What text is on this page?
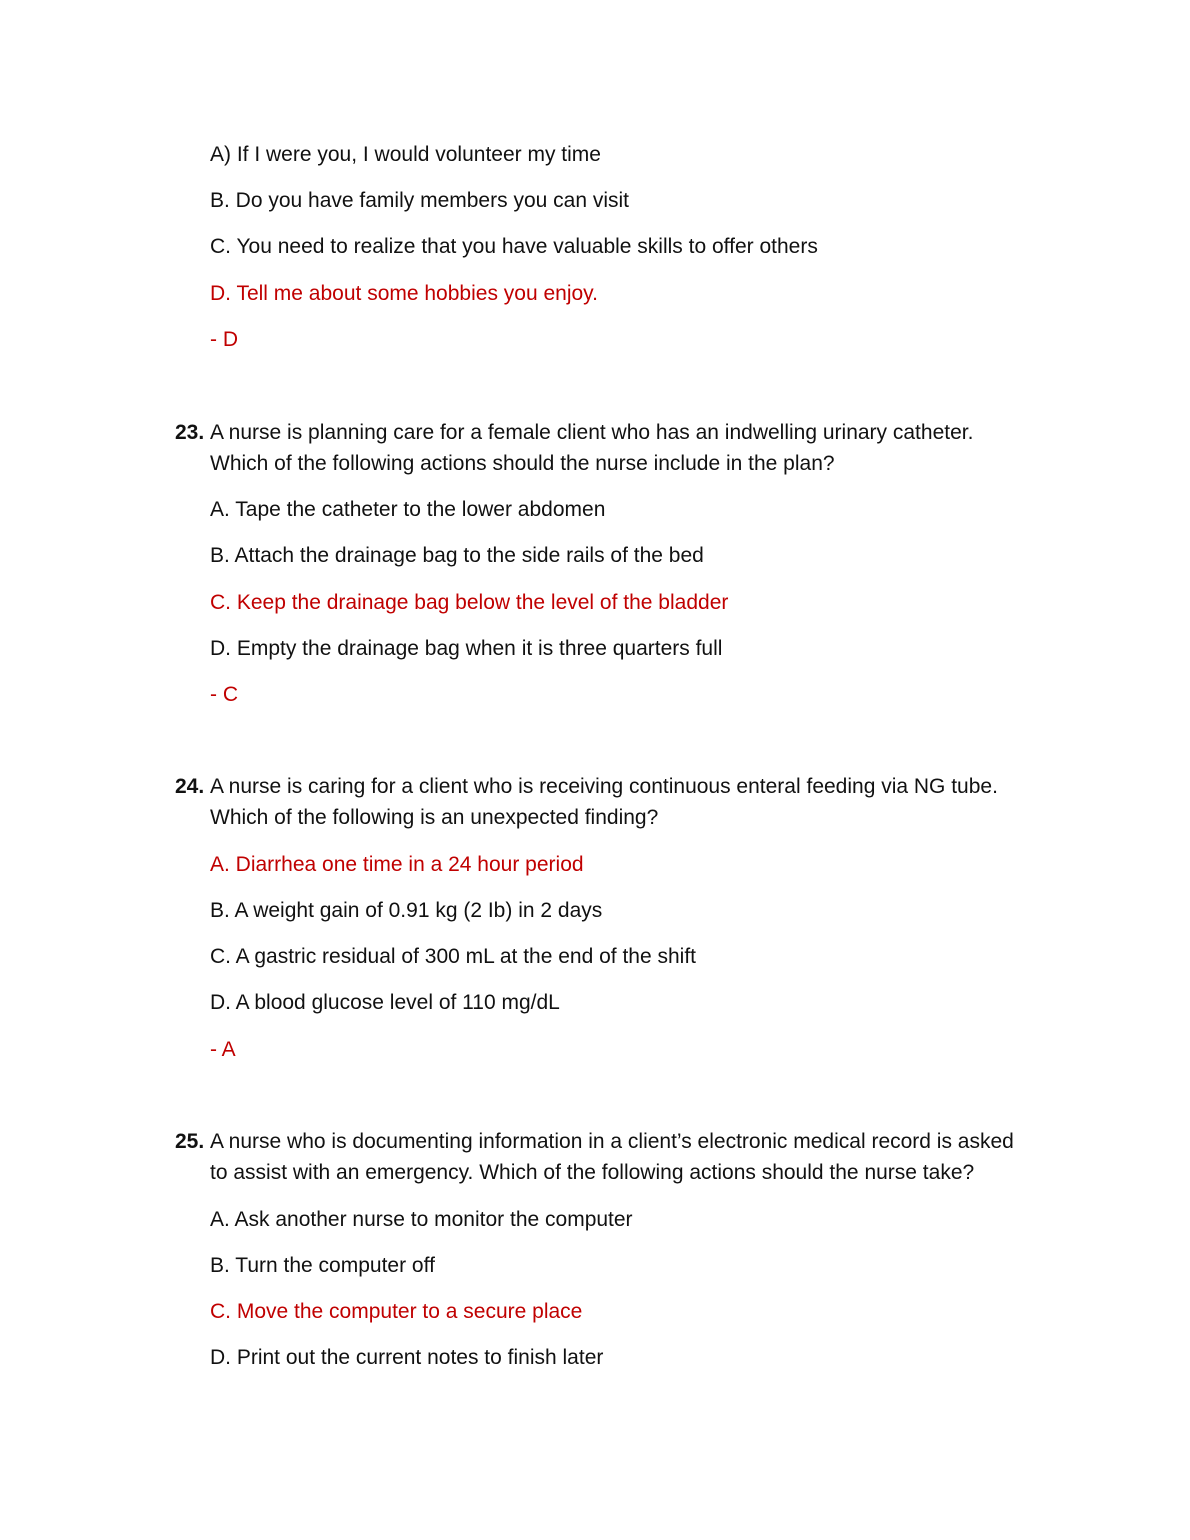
A) If I were you, I would volunteer my time
B. Do you have family members you can visit
C. You need to realize that you have valuable skills to offer others
D. Tell me about some hobbies you enjoy.
- D
23. A nurse is planning care for a female client who has an indwelling urinary catheter.
Which of the following actions should the nurse include in the plan?
A. Tape the catheter to the lower abdomen
B. Attach the drainage bag to the side rails of the bed
C. Keep the drainage bag below the level of the bladder
D. Empty the drainage bag when it is three quarters full
- C
24. A nurse is caring for a client who is receiving continuous enteral feeding via NG tube.
Which of the following is an unexpected finding?
A. Diarrhea one time in a 24 hour period
B. A weight gain of 0.91 kg (2 Ib) in 2 days
C. A gastric residual of 300 mL at the end of the shift
D. A blood glucose level of 110 mg/dL
- A
25. A nurse who is documenting information in a client’s electronic medical record is asked
to assist with an emergency. Which of the following actions should the nurse take?
A. Ask another nurse to monitor the computer
B. Turn the computer off
C. Move the computer to a secure place
D. Print out the current notes to finish later
